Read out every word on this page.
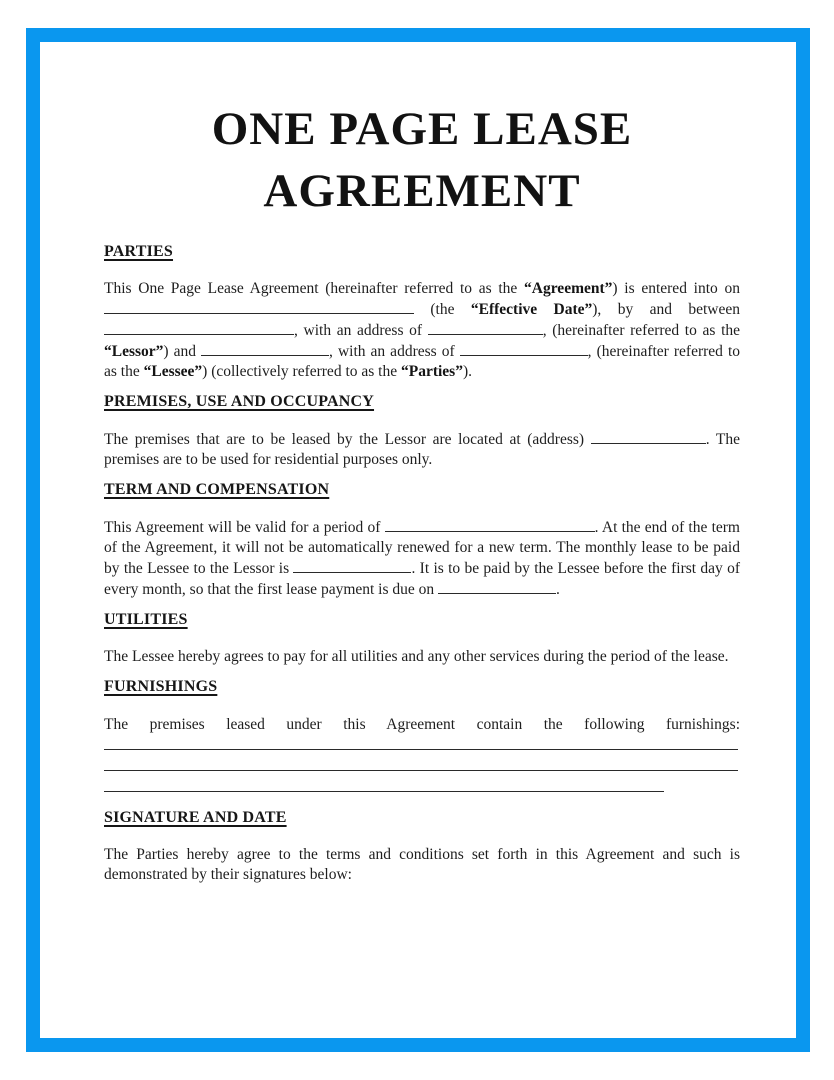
ONE PAGE LEASE
AGREEMENT
PARTIES

This One Page Lease Agreement (hereinafter referred to as the “Agreement”) is entered into on  (the “Effective Date”), by and between , with an address of	, (hereinafter referred to as the “Lessor”) and	, with an address of	, (hereinafter referred to as the “Lessee”) (collectively referred to as the “Parties”).

PREMISES, USE AND OCCUPANCY

The premises that are to be leased by the Lessor are located at (address)	. The premises are to be used for residential purposes only.

TERM AND COMPENSATION

This Agreement will be valid for a period of	. At the end of the term of the Agreement, it will not be automatically renewed for a new term. The monthly lease to be paid by the Lessee to the Lessor is	. It is to be paid by the Lessee before the first day of every month, so that the first lease payment is due on	.

UTILITIES

The Lessee hereby agrees to pay for all utilities and any other services during the period of the lease.

FURNISHINGS

The premises leased under this Agreement contain the following furnishings:

SIGNATURE AND DATE

The Parties hereby agree to the terms and conditions set forth in this Agreement and such is demonstrated by their signatures below:
